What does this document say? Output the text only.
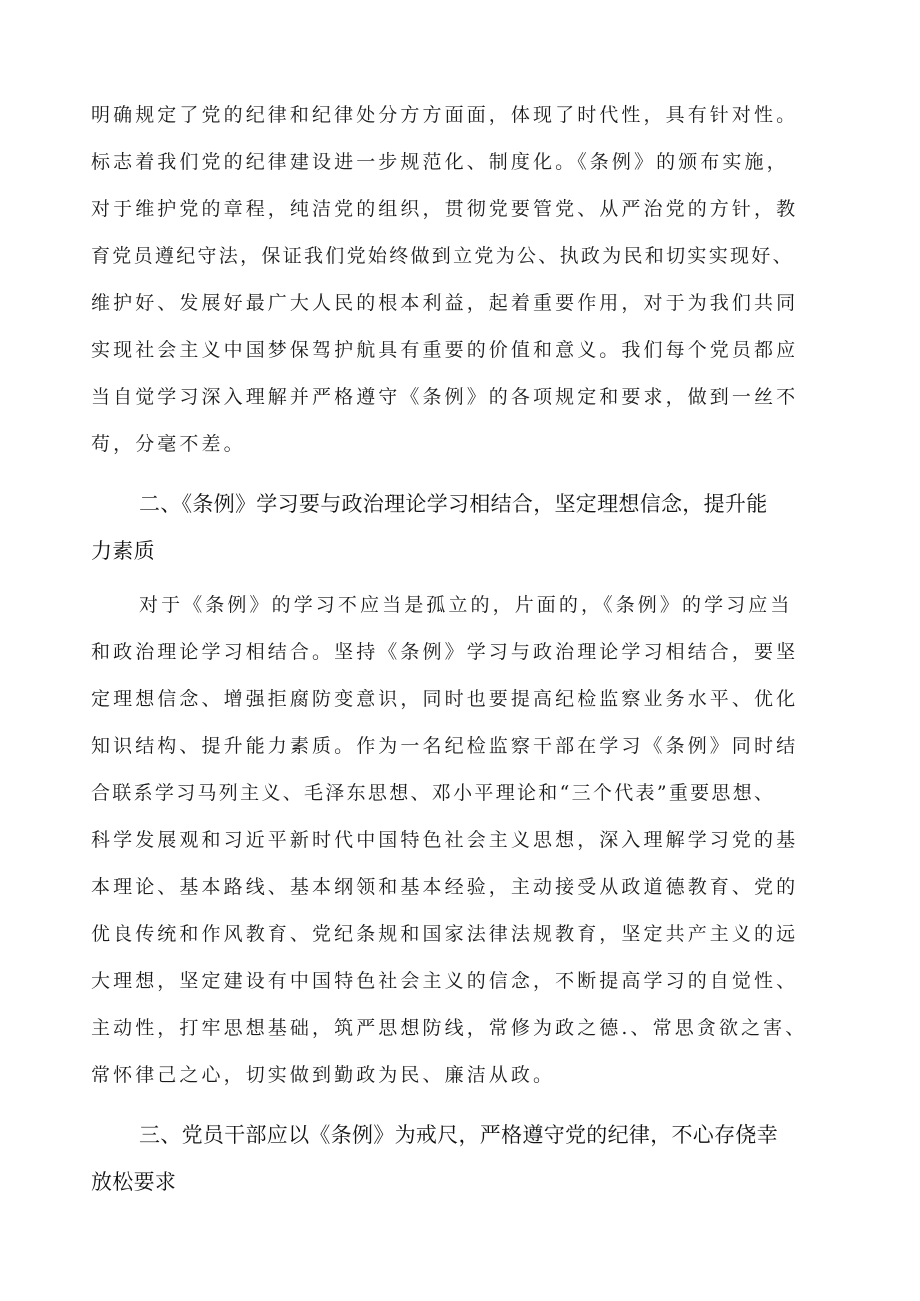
明确规定了党的纪律和纪律处分方方面面，体现了时代性，具有针对性。

标志着我们党的纪律建设进一步规范化、制度化。《条例》的颁布实施，

对于维护党的章程，纯洁党的组织，贯彻党要管党、从严治党的方针，教

育党员遵纪守法，保证我们党始终做到立党为公、执政为民和切实实现好、

维护好、发展好最广大人民的根本利益，起着重要作用，对于为我们共同

实现社会主义中国梦保驾护航具有重要的价值和意义。我们每个党员都应

当自觉学习深入理解并严格遵守《条例》的各项规定和要求，做到一丝不

苟，分毫不差。

二、《条例》学习要与政治理论学习相结合，坚定理想信念，提升能

力素质

对于《条例》的学习不应当是孤立的，片面的，《条例》的学习应当

和政治理论学习相结合。坚持《条例》学习与政治理论学习相结合，要坚

定理想信念、增强拒腐防变意识，同时也要提高纪检监察业务水平、优化

知识结构、提升能力素质。作为一名纪检监察干部在学习《条例》同时结

合联系学习马列主义、毛泽东思想、邓小平理论和“三个代表”重要思想、

科学发展观和习近平新时代中国特色社会主义思想，深入理解学习党的基

本理论、基本路线、基本纲领和基本经验，主动接受从政道德教育、党的

优良传统和作风教育、党纪条规和国家法律法规教育，坚定共产主义的远

大理想，坚定建设有中国特色社会主义的信念，不断提高学习的自觉性、

主动性，打牢思想基础，筑严思想防线，常修为政之德.、常思贪欲之害、

常怀律己之心，切实做到勤政为民、廉洁从政。

三、党员干部应以《条例》为戒尺，严格遵守党的纪律，不心存侥幸

放松要求
